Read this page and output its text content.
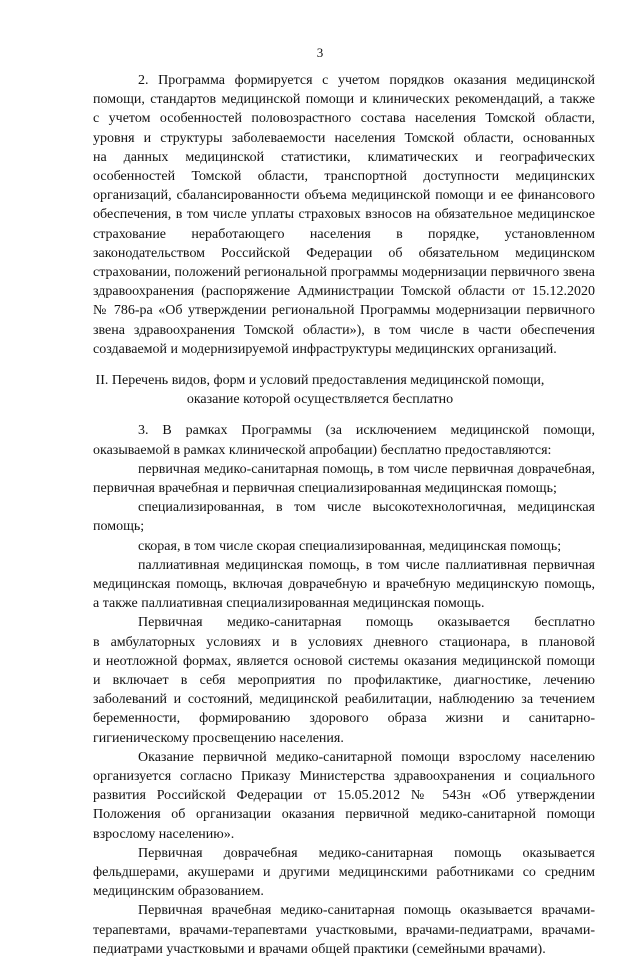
3
2. Программа формируется с учетом порядков оказания медицинской
помощи, стандартов медицинской помощи и клинических рекомендаций, а также
с учетом особенностей половозрастного состава населения Томской области,
уровня и структуры заболеваемости населения Томской области, основанных
на данных медицинской статистики, климатических и географических
особенностей Томской области, транспортной доступности медицинских
организаций, сбалансированности объема медицинской помощи и ее финансового
обеспечения, в том числе уплаты страховых взносов на обязательное медицинское
страхование неработающего населения в порядке, установленном
законодательством Российской Федерации об обязательном медицинском
страховании, положений региональной программы модернизации первичного звена
здравоохранения (распоряжение Администрации Томской области от 15.12.2020
№ 786-ра «Об утверждении региональной Программы модернизации первичного
звена здравоохранения Томской области»), в том числе в части обеспечения
создаваемой и модернизируемой инфраструктуры медицинских организаций.
II. Перечень видов, форм и условий предоставления медицинской помощи,
оказание которой осуществляется бесплатно
3. В рамках Программы (за исключением медицинской помощи,
оказываемой в рамках клинической апробации) бесплатно предоставляются:
первичная медико-санитарная помощь, в том числе первичная доврачебная,
первичная врачебная и первичная специализированная медицинская помощь;
специализированная, в том числе высокотехнологичная, медицинская
помощь;
скорая, в том числе скорая специализированная, медицинская помощь;
паллиативная медицинская помощь, в том числе паллиативная первичная
медицинская помощь, включая доврачебную и врачебную медицинскую помощь,
а также паллиативная специализированная медицинская помощь.
Первичная медико-санитарная помощь оказывается бесплатно
в амбулаторных условиях и в условиях дневного стационара, в плановой
и неотложной формах, является основой системы оказания медицинской помощи
и включает в себя мероприятия по профилактике, диагностике, лечению
заболеваний и состояний, медицинской реабилитации, наблюдению за течением
беременности, формированию здорового образа жизни и санитарно-
гигиеническому просвещению населения.
Оказание первичной медико-санитарной помощи взрослому населению
организуется согласно Приказу Министерства здравоохранения и социального
развития Российской Федерации от 15.05.2012 № 543н «Об утверждении
Положения об организации оказания первичной медико-санитарной помощи
взрослому населению».
Первичная доврачебная медико-санитарная помощь оказывается
фельдшерами, акушерами и другими медицинскими работниками со средним
медицинским образованием.
Первичная врачебная медико-санитарная помощь оказывается врачами-
терапевтами, врачами-терапевтами участковыми, врачами-педиатрами, врачами-
педиатрами участковыми и врачами общей практики (семейными врачами).
